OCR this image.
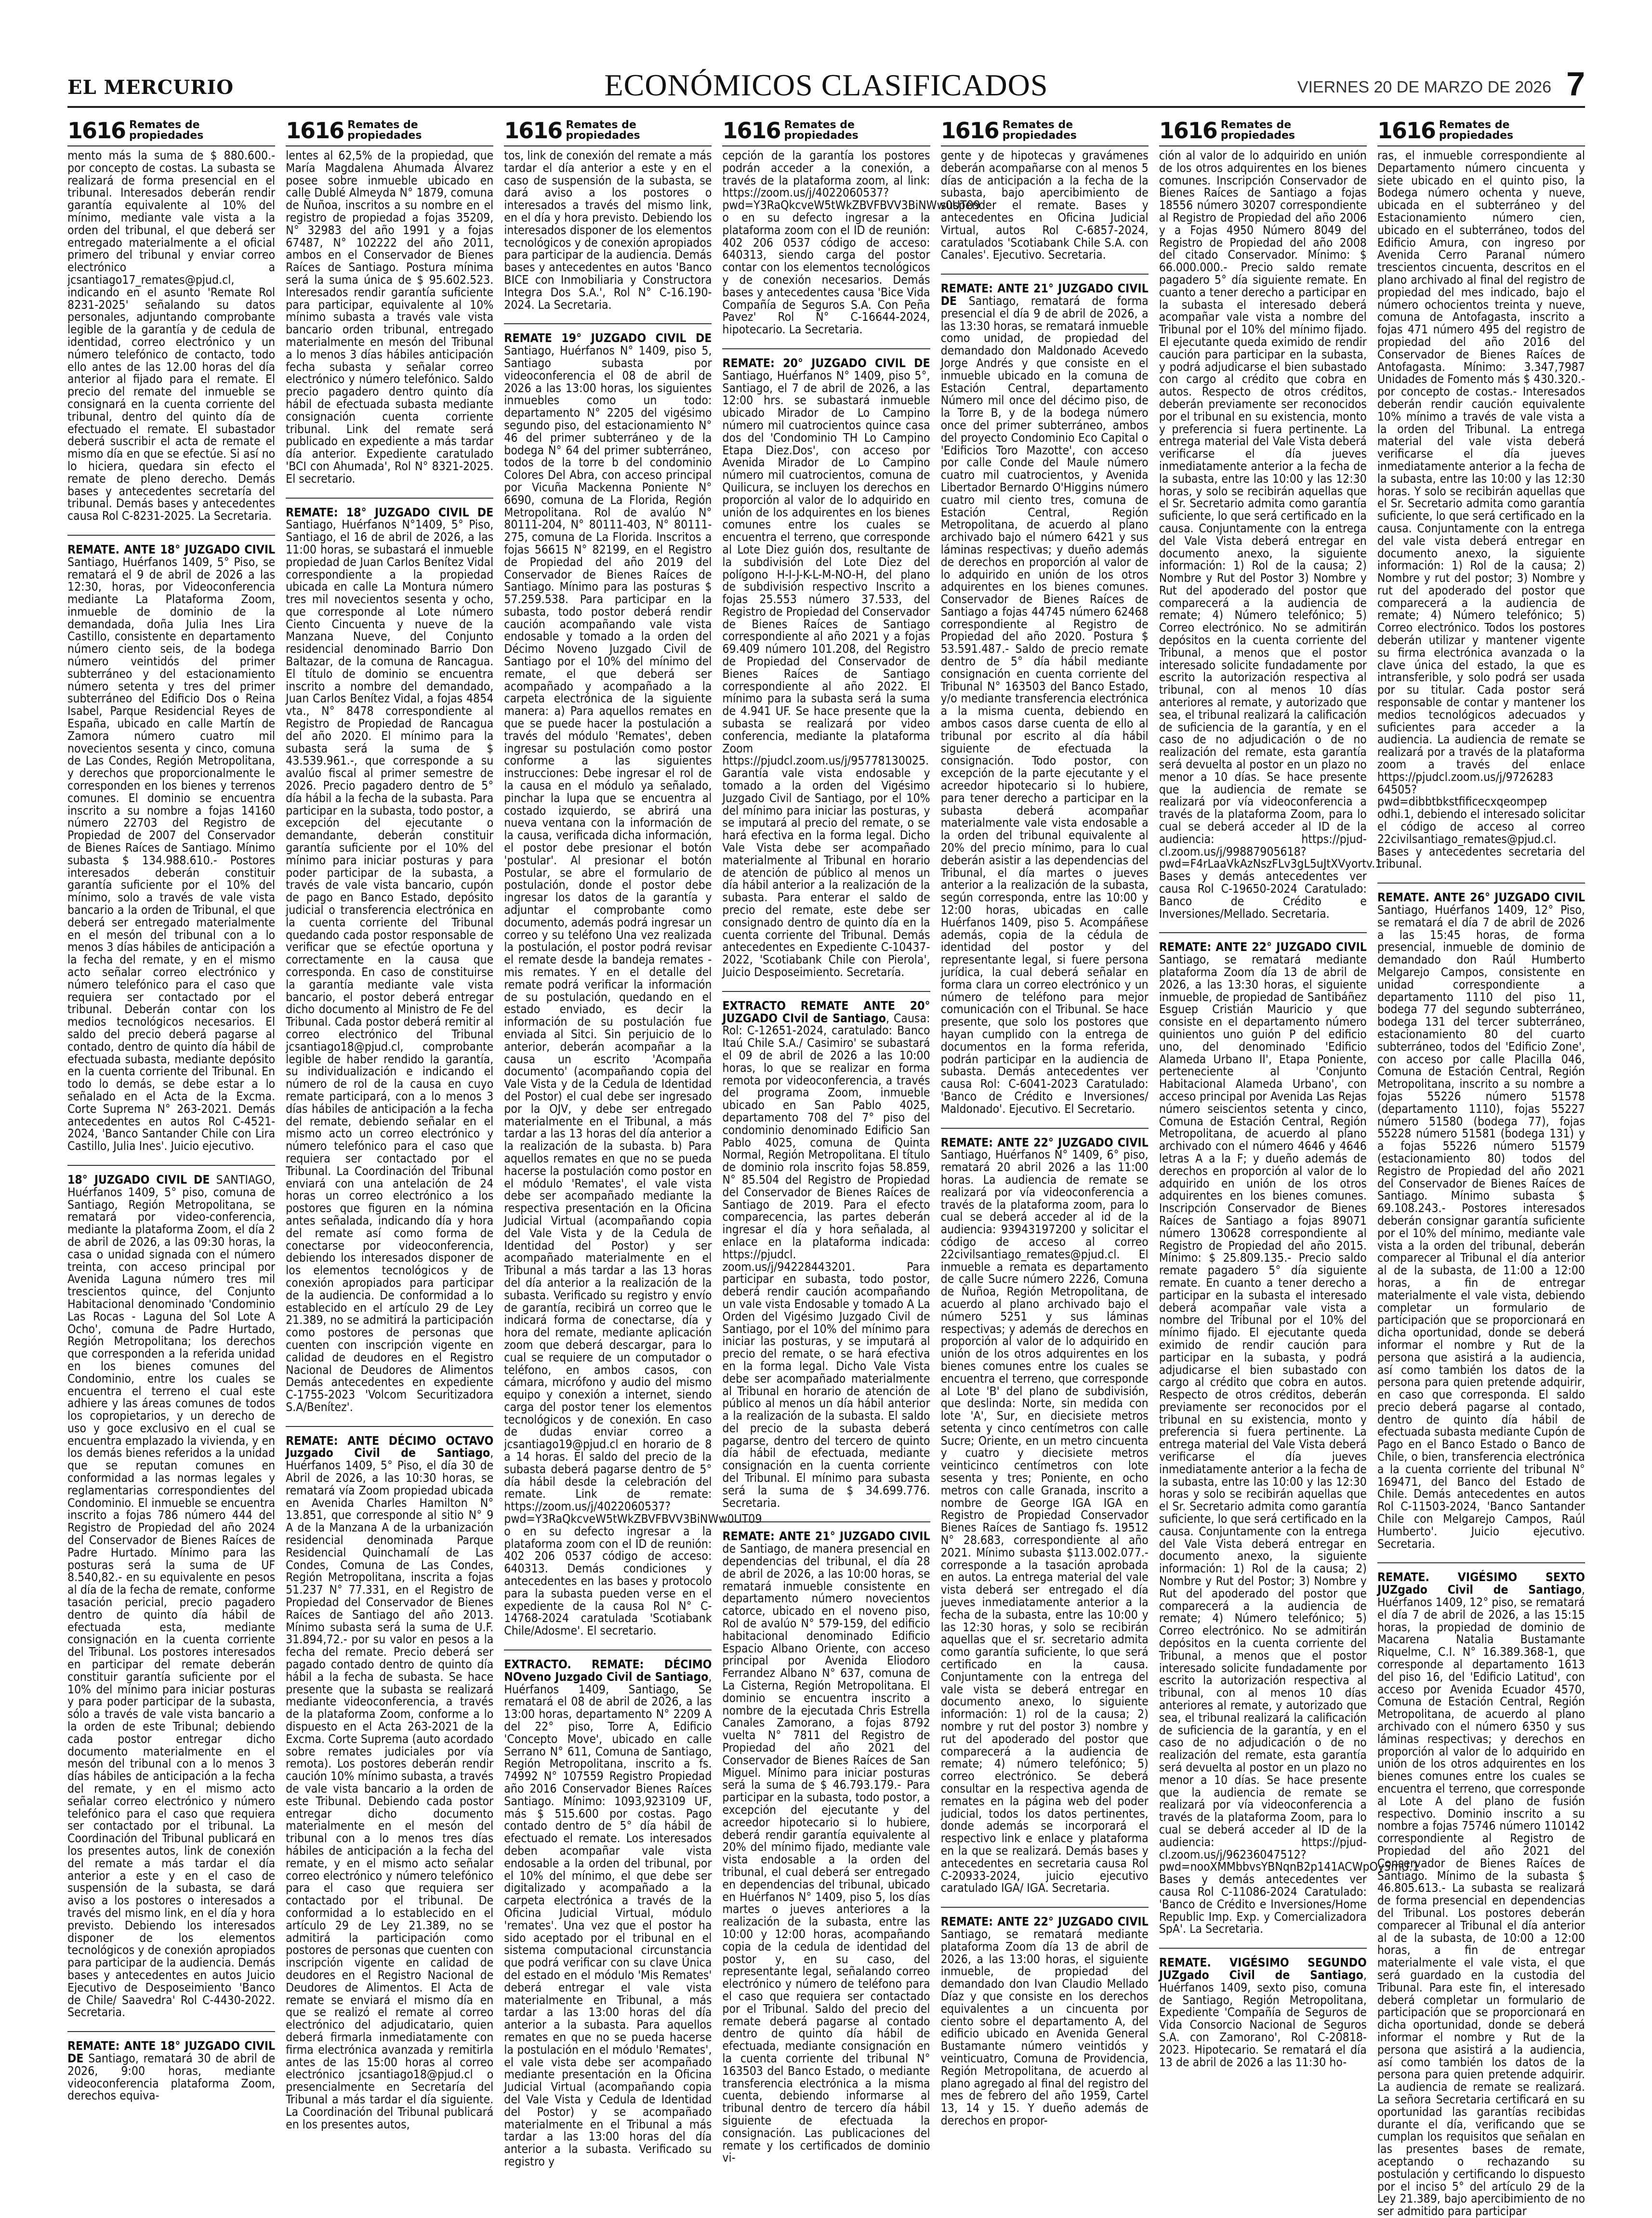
ECONÓMICOS CLASIFICADOS
EL MERCURIO	VIERNES 20 DE MARZO DE 2026 7
1616 Remates de
propiedades

mento más la suma de $ 880.600.- por concepto de costas. La subasta se realizará de forma presencial en el tribunal. Interesados deberán rendir garantía equivalente al 10% del mínimo, mediante vale vista a la orden del tribunal, el que deberá ser entregado materialmente a el oficial primero del tribunal y enviar correo electrónico a jcsantiago17_remates@pjud.cl, indicando en el asunto 'Remate Rol 8231-2025' señalando su datos personales, adjuntando comprobante legible de la garantía y de cedula de identidad, correo electrónico y un número telefónico de contacto, todo ello antes de las 12.00 horas del día anterior al fijado para el remate. El precio del remate del inmueble se consignará en la cuenta corriente del tribunal, dentro del quinto día de efectuado el remate. El subastador deberá suscribir el acta de remate el mismo día en que se efectúe. Si así no lo hiciera, quedara sin efecto el remate de pleno derecho. Demás bases y antecedentes secretaría del tribunal. Demás bases y antecedentes causa Rol C-8231-2025. La Secretaria.

REMATE. ANTE 18° JUZGADO CIVIL Santiago, Huérfanos 1409, 5° Piso, se rematará el 9 de abril de 2026 a las 12:30, horas, por Videoconferencia mediante La Plataforma Zoom, inmueble de dominio de la demandada, doña Julia Ines Lira Castillo, consistente en departamento número ciento seis, de la bodega número veintidós del primer subterráneo y del estacionamiento número setenta y tres del primer subterráneo del Edificio Dos o Reina Isabel, Parque Residencial Reyes de España, ubicado en calle Martín de Zamora número cuatro mil novecientos sesenta y cinco, comuna de Las Condes, Región Metropolitana, y derechos que proporcionalmente le corresponden en los bienes y terrenos comunes. El dominio se encuentra inscrito a su nombre a fojas 14160 número 22703 del Registro de Propiedad de 2007 del Conservador de Bienes Raíces de Santiago. Mínimo subasta $ 134.988.610.- Postores interesados deberán constituir garantía suficiente por el 10% del mínimo, solo a través de vale vista bancario a la orden de Tribunal, el que deberá ser entregado materialmente en el mesón del tribunal con a lo menos 3 días hábiles de anticipación a la fecha del remate, y en el mismo acto señalar correo electrónico y número telefónico para el caso que requiera ser contactado por el tribunal. Deberán contar con los medios tecnológicos necesarios. El saldo del precio deberá pagarse al contado, dentro de quinto día hábil de efectuada subasta, mediante depósito en la cuenta corriente del Tribunal. En todo lo demás, se debe estar a lo señalado en el Acta de la Excma. Corte Suprema N° 263-2021. Demás antecedentes en autos Rol C-4521-2024, 'Banco Santander Chile con Lira Castillo, Julia Ines'. Juicio ejecutivo.

18° JUZGADO CIVIL DE SANTIAGO, Huérfanos 1409, 5° piso, comuna de Santiago, Región Metropolitana, se rematará por video-conferencia, mediante la plataforma Zoom, el día 2 de abril de 2026, a las 09:30 horas, la casa o unidad signada con el número treinta, con acceso principal por Avenida Laguna número tres mil trescientos quince, del Conjunto Habitacional denominado 'Condominio Las Rocas - Laguna del Sol Lote A Ocho', comuna de Padre Hurtado, Región Metropolitana; los derechos que corresponden a la referida unidad en los bienes comunes del Condominio, entre los cuales se encuentra el terreno el cual este adhiere y las áreas comunes de todos los copropietarios, y un derecho de uso y goce exclusivo en el cual se encuentra emplazado la vivienda, y en los demás bienes referidos a la unidad que se reputan comunes en conformidad a las normas legales y reglamentarias correspondientes del Condominio. El inmueble se encuentra inscrito a fojas 786 número 444 del Registro de Propiedad del año 2024 del Conservador de Bienes Raíces de Padre Hurtado. Mínimo para las posturas será la suma de UF 8.540,82.- en su equivalente en pesos al día de la fecha de remate, conforme tasación pericial, precio pagadero dentro de quinto día hábil de efectuada esta, mediante consignación en la cuenta corriente del Tribunal. Los postores interesados en participar del remate deberán constituir garantía suficiente por el 10% del mínimo para iniciar posturas y para poder participar de la subasta, sólo a través de vale vista bancario a la orden de este Tribunal; debiendo cada postor entregar dicho documento materialmente en el mesón del tribunal con a lo menos 3 días hábiles de anticipación a la fecha del remate, y en el mismo acto señalar correo electrónico y número telefónico para el caso que requiera ser contactado por el tribunal. La Coordinación del Tribunal publicará en los presentes autos, link de conexión del remate a más tardar el día anterior a este y en el caso de suspensión de la subasta, se dará aviso a los postores o interesados a través del mismo link, en el día y hora previsto. Debiendo los interesados disponer de los elementos tecnológicos y de conexión apropiados para participar de la audiencia. Demás bases y antecedentes en autos Juicio Ejecutivo de Desposeimiento 'Banco de Chile/ Saavedra' Rol C-4430-2022. Secretaria.

REMATE: ANTE 18° JUZGADO CIVIL DE Santiago, rematará 30 de abril de 2026, 9:00 horas, mediante videoconferencia plataforma Zoom, derechos equiva-

1616 Remates de
propiedades

lentes al 62,5% de la propiedad, que María Magdalena Ahumada Álvarez posee sobre inmueble ubicado en calle Dublé Almeyda N° 1879, comuna de Ñuñoa, inscritos a su nombre en el registro de propiedad a fojas 35209, N° 32983 del año 1991 y a fojas 67487, N° 102222 del año 2011, ambos en el Conservador de Bienes Raíces de Santiago. Postura mínima será la suma única de $ 95.602.523. Interesados rendir garantía suficiente para participar, equivalente al 10% mínimo subasta a través vale vista bancario orden tribunal, entregado materialmente en mesón del Tribunal a lo menos 3 días hábiles anticipación fecha subasta y señalar correo electrónico y número telefónico. Saldo precio pagadero dentro quinto día hábil de efectuada subasta mediante consignación cuenta corriente tribunal. Link del remate será publicado en expediente a más tardar día anterior. Expediente caratulado 'BCI con Ahumada', Rol N° 8321-2025. El secretario.

REMATE: 18° JUZGADO CIVIL DE Santiago, Huérfanos N°1409, 5° Piso, Santiago, el 16 de abril de 2026, a las 11:00 horas, se subastará el inmueble propiedad de Juan Carlos Benítez Vidal correspondiente a la propiedad ubicada en calle La Montura número tres mil novecientos sesenta y ocho, que corresponde al Lote número Ciento Cincuenta y nueve de la Manzana Nueve, del Conjunto residencial denominado Barrio Don Baltazar, de la comuna de Rancagua. El título de dominio se encuentra inscrito a nombre del demandado, Juan Carlos Benítez Vidal, a fojas 4854 vta., N° 8478 correspondiente al Registro de Propiedad de Rancagua del año 2020. El mínimo para la subasta será la suma de $ 43.539.961.-, que corresponde a su avalúo fiscal al primer semestre de 2026. Precio pagadero dentro de 5° día hábil a la fecha de la subasta. Para participar en la subasta, todo postor, a excepción del ejecutante o demandante, deberán constituir garantía suficiente por el 10% del mínimo para iniciar posturas y para poder participar de la subasta, a través de vale vista bancario, cupón de pago en Banco Estado, depósito judicial o transferencia electrónica en la cuenta corriente del Tribunal quedando cada postor responsable de verificar que se efectúe oportuna y correctamente en la causa que corresponda. En caso de constituirse la garantía mediante vale vista bancario, el postor deberá entregar dicho documento al Ministro de Fe del Tribunal. Cada postor deberá remitir al correo electrónico del Tribunal jcsantiago18@pjud.cl, comprobante legible de haber rendido la garantía, su individualización e indicando el número de rol de la causa en cuyo remate participará, con a lo menos 3 días hábiles de anticipación a la fecha del remate, debiendo señalar en el mismo acto un correo electrónico y número telefónico para el caso que requiera ser contactado por el Tribunal. La Coordinación del Tribunal enviará con una antelación de 24 horas un correo electrónico a los postores que figuren en la nómina antes señalada, indicando día y hora del remate así como forma de conectarse por videoconferencia, debiendo los interesados disponer de los elementos tecnológicos y de conexión apropiados para participar de la audiencia. De conformidad a lo establecido en el artículo 29 de Ley 21.389, no se admitirá la participación como postores de personas que cuenten con inscripción vigente en calidad de deudores en el Registro Nacional de Deudores de Alimentos Demás antecedentes en expediente C-1755-2023 'Volcom Securitizadora S.A/Benítez'.

REMATE: ANTE DÉCIMO OCTAVO Juzgado Civil de Santiago, Huérfanos 1409, 5° Piso, el día 30 de Abril de 2026, a las 10:30 horas, se rematará vía Zoom propiedad ubicada en Avenida Charles Hamilton N° 13.851, que corresponde al sitio N° 9 A de la Manzana A de la urbanización residencial denominada Parque Residencial Quinchamalí de Las Condes, Comuna de Las Condes, Región Metropolitana, inscrita a fojas 51.237 N° 77.331, en el Registro de Propiedad del Conservador de Bienes Raíces de Santiago del año 2013. Mínimo subasta será la suma de U.F. 31.894,72.- por su valor en pesos a la fecha del remate. Precio deberá ser pagado contado dentro de quinto día hábil a la fecha de subasta. Se hace presente que la subasta se realizará mediante videoconferencia, a través de la plataforma Zoom, conforme a lo dispuesto en el Acta 263-2021 de la Excma. Corte Suprema (auto acordado sobre remates judiciales por vía remota). Los postores deberán rendir caución 10% mínimo subasta, a través de vale vista bancario a la orden de este Tribunal. Debiendo cada postor entregar dicho documento materialmente en el mesón del tribunal con a lo menos tres días hábiles de anticipación a la fecha del remate, y en el mismo acto señalar correo electrónico y número telefónico para el caso que requiera ser contactado por el tribunal. De conformidad a lo establecido en el artículo 29 de Ley 21.389, no se admitirá la participación como postores de personas que cuenten con inscripción vigente en calidad de deudores en el Registro Nacional de Deudores de Alimentos. El Acta de remate se enviará el mismo día en que se realizó el remate al correo electrónico del adjudicatario, quien deberá firmarla inmediatamente con firma electrónica avanzada y remitirla antes de las 15:00 horas al correo electrónico jcsantiago18@pjud.cl o presencialmente en Secretaría del Tribunal a más tardar el día siguiente. La Coordinación del Tribunal publicará en los presentes autos,

1616 Remates de
propiedades

tos, link de conexión del remate a más tardar el día anterior a este y en el caso de suspensión de la subasta, se dará aviso a los postores o interesados a través del mismo link, en el día y hora previsto. Debiendo los interesados disponer de los elementos tecnológicos y de conexión apropiados para participar de la audiencia. Demás bases y antecedentes en autos 'Banco BICE con Inmobiliaria y Constructora Integra Dos S.A.', Rol N° C-16.190-2024. La Secretaria.

REMATE 19° JUZGADO CIVIL DE Santiago, Huérfanos N° 1409, piso 5, Santiago subasta por videoconferencia el 08 de abril de 2026 a las 13:00 horas, los siguientes inmuebles como un todo: departamento N° 2205 del vigésimo segundo piso, del estacionamiento N° 46 del primer subterráneo y de la bodega N° 64 del primer subterráneo, todos de la torre b del condominio Colores Del Abra, con acceso principal por Vicuña Mackenna Poniente N° 6690, comuna de La Florida, Región Metropolitana. Rol de avalúo N° 80111-204, N° 80111-403, N° 80111-275, comuna de La Florida. Inscritos a fojas 56615 N° 82199, en el Registro de Propiedad del año 2019 del Conservador de Bienes Raíces de Santiago. Mínimo para las posturas $ 57.259.538. Para participar en la subasta, todo postor deberá rendir caución acompañando vale vista endosable y tomado a la orden del Décimo Noveno Juzgado Civil de Santiago por el 10% del mínimo del remate, el que deberá ser acompañado y acompañado a la carpeta electrónica de la siguiente manera: a) Para aquellos remates en que se puede hacer la postulación a través del módulo 'Remates', deben ingresar su postulación como postor conforme a las siguientes instrucciones: Debe ingresar el rol de la causa en el módulo ya señalado, pinchar la lupa que se encuentra al costado izquierdo, se abrirá una nueva ventana con la información de la causa, verificada dicha información, el postor debe presionar el botón 'postular'. Al presionar el botón Postular, se abre el formulario de postulación, donde el postor debe ingresar los datos de la garantía y adjuntar el comprobante como documento, además podrá ingresar un correo y su teléfono Una vez realizada la postulación, el postor podrá revisar el remate desde la bandeja remates - mis remates. Y en el detalle del remate podrá verificar la información de su postulación, quedando en el estado enviado, es decir la información de su postulación fue enviada al Sitci. Sin perjuicio de lo anterior, deberán acompañar a la causa un escrito 'Acompaña documento' (acompañando copia del Vale Vista y de la Cedula de Identidad del Postor) el cual debe ser ingresado por la OJV, y debe ser entregado materialmente en el Tribunal, a más tardar a las 13 horas del día anterior a la realización de la subasta. b) Para aquellos remates en que no se pueda hacerse la postulación como postor en el módulo 'Remates', el vale vista debe ser acompañado mediante la respectiva presentación en la Oficina Judicial Virtual (acompañando copia del Vale Vista y de la Cedula de Identidad del Postor) y ser acompañado materialmente en el Tribunal a más tardar a las 13 horas del día anterior a la realización de la subasta. Verificado su registro y envío de garantía, recibirá un correo que le indicará forma de conectarse, día y hora del remate, mediante aplicación zoom que deberá descargar, para lo cual se requiere de un computador o teléfono, en ambos casos, con cámara, micrófono y audio del mismo equipo y conexión a internet, siendo carga del postor tener los elementos tecnológicos y de conexión. En caso de dudas enviar correo a jcsantiago19@pjud.cl en horario de 8 a 14 horas. El saldo del precio de la subasta deberá pagarse dentro de 5° día hábil desde la celebración del remate. Link de remate: https://zoom.us/j/4022060537?pwd=Y3RaQkcveW5tWkZBVFBVV3BiNWw0UT09 o en su defecto ingresar a la plataforma zoom con el ID de reunión: 402 206 0537 código de acceso: 640313. Demás condiciones y antecedentes en las bases y protocolo para la subasta pueden verse en el expediente de la causa Rol N° C-14768-2024 caratulada 'Scotiabank Chile/Adosme'. El secretario.

EXTRACTO. REMATE: DÉCIMO NOveno Juzgado Civil de Santiago, Huérfanos 1409, Santiago, Se rematará el 08 de abril de 2026, a las 13:00 horas, departamento N° 2209 A del 22° piso, Torre A, Edificio 'Concepto Move', ubicado en calle Serrano N° 611, Comuna de Santiago, Región Metropolitana, inscrito a fs. 74992 N° 107559 Registro Propiedad año 2016 Conservador Bienes Raíces Santiago. Mínimo: 1093,923109 UF, más $ 515.600 por costas. Pago contado dentro de 5° día hábil de efectuado el remate. Los interesados deben acompañar vale vista endosable a la orden del tribunal, por el 10% del mínimo, el que debe ser digitalizado y acompañado a la carpeta electrónica a través de la Oficina Judicial Virtual, módulo 'remates'. Una vez que el postor ha sido aceptado por el tribunal en el sistema computacional circunstancia que podrá verificar con su clave Única del estado en el módulo 'Mis Remates' deberá entregar el vale vista materialmente en Tribunal, a más tardar a las 13:00 horas del día anterior a la subasta. Para aquellos remates en que no se pueda hacerse la postulación en el módulo 'Remates', el vale vista debe ser acompañado mediante presentación en la Oficina Judicial Virtual (acompañando copia del Vale Vista y Cedula de Identidad del Postor) y se acompañado materialmente en el Tribunal a más tardar a las 13:00 horas del día anterior a la subasta. Verificado su registro y

1616 Remates de
propiedades

cepción de la garantía los postores podrán acceder a la conexión, a través de la plataforma zoom, al link: https://zoom.us/j/4022060537? pwd=Y3RaQkcveW5tWkZBVFBVV3BiNWw0UT09 o en su defecto ingresar a la plataforma zoom con el ID de reunión: 402 206 0537 código de acceso: 640313, siendo carga del postor contar con los elementos tecnológicos y de conexión necesarios. Demás bases y antecedentes causa 'Bice Vida Compañía de Seguros S.A. Con Peña Pavez' Rol N° C-16644-2024, hipotecario. La Secretaria.

REMATE: 20° JUZGADO CIVIL DE Santiago, Huérfanos N° 1409, piso 5°, Santiago, el 7 de abril de 2026, a las 12:00 hrs. se subastará inmueble ubicado Mirador de Lo Campino número mil cuatrocientos quince casa dos del 'Condominio TH Lo Campino Etapa Diez.Dos', con acceso por Avenida Mirador de Lo Campino número mil cuatrocientos, comuna de Quilicura, se incluyen los derechos en proporción al valor de lo adquirido en unión de los adquirentes en los bienes comunes entre los cuales se encuentra el terreno, que corresponde al Lote Diez guión dos, resultante de la subdivisión del Lote Diez del polígono H-I-J-K-L-M-NO-H, del plano de subdivisión respectivo Inscrito a fojas 25.553 número 37.533, del Registro de Propiedad del Conservador de Bienes Raíces de Santiago correspondiente al año 2021 y a fojas 69.409 número 101.208, del Registro de Propiedad del Conservador de Bienes Raíces de Santiago correspondiente al año 2022. El mínimo para la subasta será la suma de 4.941 UF. Se hace presente que la subasta se realizará por video conferencia, mediante la plataforma Zoom https://pjudcl.zoom.us/j/95778130025. Garantía vale vista endosable y tomado a la orden del Vigésimo Juzgado Civil de Santiago, por el 10% del mínimo para iniciar las posturas, y se imputará al precio del remate, o se hará efectiva en la forma legal. Dicho Vale Vista debe ser acompañado materialmente al Tribunal en horario de atención de público al menos un día hábil anterior a la realización de la subasta. Para enterar el saldo de precio del remate, este debe ser consignado dentro de quinto día en la cuenta corriente del Tribunal. Demás antecedentes en Expediente C-10437-2022, 'Scotiabank Chile con Pierola', Juicio Desposeimiento. Secretaría.

EXTRACTO REMATE ANTE 20° JUZGADO CIvil de Santiago, Causa: Rol: C-12651-2024, caratulado: Banco Itaú Chile S.A./ Casimiro' se subastará el 09 de abril de 2026 a las 10:00 horas, lo que se realizar en forma remota por videoconferencia, a través del programa Zoom, inmueble ubicado en San Pablo 4025, departamento 708 del 7° piso del condominio denominado Edificio San Pablo 4025, comuna de Quinta Normal, Región Metropolitana. El título de dominio rola inscrito fojas 58.859, N° 85.504 del Registro de Propiedad del Conservador de Bienes Raíces de Santiago de 2019. Para el efecto comparecencia, las partes deberán ingresar el día y hora señalada, al enlace en la plataforma indicada: https://pjudcl. zoom.us/j/94228443201. Para participar en subasta, todo postor, deberá rendir caución acompañando un vale vista Endosable y tomado A La Orden del Vigésimo Juzgado Civil de Santiago, por el 10% del mínimo para iniciar las posturas, y se imputará al precio del remate, o se hará efectiva en la forma legal. Dicho Vale Vista debe ser acompañado materialmente al Tribunal en horario de atención de público al menos un día hábil anterior a la realización de la subasta. El saldo del precio de la subasta deberá pagarse, dentro del tercero de quinto día hábil de efectuada, mediante consignación en la cuenta corriente del Tribunal. El mínimo para subasta será la suma de $ 34.699.776. Secretaria.

REMATE: ANTE 21° JUZGADO CIVIL de Santiago, de manera presencial en dependencias del tribunal, el día 28 de abril de 2026, a las 10:00 horas, se rematará inmueble consistente en departamento número novecientos catorce, ubicado en el noveno piso, Rol de avalúo N° 579-159, del edificio habitacional denominado Edificio Espacio Albano Oriente, con acceso principal por Avenida Eliodoro Ferrandez Albano N° 637, comuna de La Cisterna, Región Metropolitana. El dominio se encuentra inscrito a nombre de la ejecutada Chris Estrella Canales Zamorano, a fojas 8792 vuelta N° 7811 del Registro de Propiedad del año 2021 del Conservador de Bienes Raíces de San Miguel. Mínimo para iniciar posturas será la suma de $ 46.793.179.- Para participar en la subasta, todo postor, a excepción del ejecutante y del acreedor hipotecario si lo hubiere, deberá rendir garantía equivalente al 20% del mínimo fijado, mediante vale vista endosable a la orden del tribunal, el cual deberá ser entregado en dependencias del tribunal, ubicado en Huérfanos N° 1409, piso 5, los días martes o jueves anteriores a la realización de la subasta, entre las 10:00 y 12:00 horas, acompañando copia de la cedula de identidad del postor y, en su caso, del representante legal, señalando correo electrónico y número de teléfono para el caso que requiera ser contactado por el Tribunal. Saldo del precio del remate deberá pagarse al contado dentro de quinto día hábil de efectuada, mediante consignación en la cuenta corriente del tribunal N° 163503 del Banco Estado, o mediante transferencia electrónica a la misma cuenta, debiendo informarse al tribunal dentro de tercero día hábil siguiente de efectuada la consignación. Las publicaciones del remate y los certificados de dominio vi-

1616 Remates de
propiedades

gente y de hipotecas y gravámenes deberán acompañarse con al menos 5 días de anticipación a la fecha de la subasta, bajo apercibimiento de suspender el remate. Bases y antecedentes en Oficina Judicial Virtual, autos Rol C-6857-2024, caratulados 'Scotiabank Chile S.A. con Canales'. Ejecutivo. Secretaria.

REMATE: ANTE 21° JUZGADO CIVIL DE Santiago, rematará de forma presencial el día 9 de abril de 2026, a las 13:30 horas, se rematará inmueble como unidad, de propiedad del demandado don Maldonado Acevedo Jorge Andrés y que consiste en el inmueble ubicado en la comuna de Estación Central, departamento Número mil once del décimo piso, de la Torre B, y de la bodega número once del primer subterráneo, ambos del proyecto Condominio Eco Capital o 'Edificios Toro Mazotte', con acceso por calle Conde del Maule número cuatro mil cuatrocientos, y Avenida Libertador Bernardo O'Higgins número cuatro mil ciento tres, comuna de Estación Central, Región Metropolitana, de acuerdo al plano archivado bajo el número 6421 y sus láminas respectivas; y dueño además de derechos en proporción al valor de lo adquirido en unión de los otros adquirentes en los bienes comunes. Conservador de Bienes Raíces de Santiago a fojas 44745 número 62468 correspondiente al Registro de Propiedad del año 2020. Postura $ 53.591.487.- Saldo de precio remate dentro de 5° día hábil mediante consignación en cuenta corriente del Tribunal N° 163503 del Banco Estado, y/o mediante transferencia electrónica a la misma cuenta, debiendo en ambos casos darse cuenta de ello al tribunal por escrito al día hábil siguiente de efectuada la consignación. Todo postor, con excepción de la parte ejecutante y el acreedor hipotecario si lo hubiere, para tener derecho a participar en la subasta deberá acompañar materialmente vale vista endosable a la orden del tribunal equivalente al 20% del precio mínimo, para lo cual deberán asistir a las dependencias del Tribunal, el día martes o jueves anterior a la realización de la subasta, según corresponda, entre las 10:00 y 12:00 horas, ubicadas en calle Huérfanos 1409, piso 5. Acompáñese además, copia de la cédula de identidad del postor y del representante legal, si fuere persona jurídica, la cual deberá señalar en forma clara un correo electrónico y un número de teléfono para mejor comunicación con el Tribunal. Se hace presente, que solo los postores que hayan cumplido con la entrega de documentos en la forma referida, podrán participar en la audiencia de subasta. Demás antecedentes ver causa Rol: C-6041-2023 Caratulado: 'Banco de Crédito e Inversiones/ Maldonado'. Ejecutivo. El Secretario.

REMATE: ANTE 22° JUZGADO CIVIL Santiago, Huérfanos N° 1409, 6° piso, rematará 20 abril 2026 a las 11:00 horas. La audiencia de remate se realizará por vía videoconferencia a través de la plataforma zoom, para lo cual se deberá acceder al id de la audiencia: 93943197200 y solicitar el código de acceso al correo 22civilsantiago_remates@pjud.cl. El inmueble a remata es departamento de calle Sucre número 2226, Comuna de Ñuñoa, Región Metropolitana, de acuerdo al plano archivado bajo el número 5251 y sus láminas respectivas; y además de derechos en proporción al valor de lo adquirido en unión de los otros adquirentes en los bienes comunes entre los cuales se encuentra el terreno, que corresponde al Lote 'B' del plano de subdivisión, que deslinda: Norte, sin medida con lote 'A', Sur, en diecisiete metros setenta y cinco centímetros con calle Sucre; Oriente, en un metro cincuenta y cuatro y diecisiete metros veinticinco centímetros con lote sesenta y tres; Poniente, en ocho metros con calle Granada, inscrito a nombre de George IGA IGA en Registro de Propiedad Conservador Bienes Raíces de Santiago fs. 19512 N° 28.683, correspondiente al año 2021. Mínimo subasta $113.002.077.- corresponde a la tasación aprobada en autos. La entrega material del vale vista deberá ser entregado el día jueves inmediatamente anterior a la fecha de la subasta, entre las 10:00 y las 12:30 horas, y solo se recibirán aquellas que el sr. secretario admita como garantía suficiente, lo que será certificado en la causa. Conjuntamente con la entrega del vale vista se deberá entregar en documento anexo, lo siguiente información: 1) rol de la causa; 2) nombre y rut del postor 3) nombre y rut del apoderado del postor que comparecerá a la audiencia de remate; 4) número telefónico; 5) correo electrónico. Se deberá consultar en la respectiva agenda de remates en la página web del poder judicial, todos los datos pertinentes, donde además se incorporará el respectivo link e enlace y plataforma en la que se realizará. Demás bases y antecedentes en secretaria causa Rol C-20933-2024, juicio ejecutivo caratulado IGA/ IGA. Secretaria.

REMATE: ANTE 22° JUZGADO CIVIL Santiago, se rematará mediante plataforma Zoom día 13 de abril de 2026, a las 13:00 horas, el siguiente inmueble, de propiedad del demandado don Ivan Claudio Mellado Díaz y que consiste en los derechos equivalentes a un cincuenta por ciento sobre el departamento A, del edificio ubicado en Avenida General Bustamante número veintidós y veinticuatro, Comuna de Providencia, Región Metropolitana, de acuerdo al plano agregado al final del registro del mes de febrero del año 1959, Cartel 13, 14 y 15. Y dueño además de derechos en propor-

1616 Remates de
propiedades

ción al valor de lo adquirido en unión de los otros adquirentes en los bienes comunes. Inscripción Conservador de Bienes Raíces de Santiago a fojas 18556 número 30207 correspondiente al Registro de Propiedad del año 2006 y a Fojas 4950 Número 8049 del Registro de Propiedad del año 2008 del citado Conservador. Mínimo: $ 66.000.000.- Precio saldo remate pagadero 5° día siguiente remate. En cuanto a tener derecho a participar en la subasta el interesado deberá acompañar vale vista a nombre del Tribunal por el 10% del mínimo fijado. El ejecutante queda eximido de rendir caución para participar en la subasta, y podrá adjudicarse el bien subastado con cargo al crédito que cobra en autos. Respecto de otros créditos, deberán previamente ser reconocidos por el tribunal en su existencia, monto y preferencia si fuera pertinente. La entrega material del Vale Vista deberá verificarse el día jueves inmediatamente anterior a la fecha de la subasta, entre las 10:00 y las 12:30 horas, y solo se recibirán aquellas que el Sr. Secretario admita como garantía suficiente, lo que será certificado en la causa. Conjuntamente con la entrega del Vale Vista deberá entregar en documento anexo, la siguiente información: 1) Rol de la causa; 2) Nombre y Rut del Postor 3) Nombre y Rut del apoderado del postor que comparecerá a la audiencia de remate; 4) Número telefónico; 5) Correo electrónico. No se admitirán depósitos en la cuenta corriente del Tribunal, a menos que el postor interesado solicite fundadamente por escrito la autorización respectiva al tribunal, con al menos 10 días anteriores al remate, y autorizado que sea, el tribunal realizará la calificación de suficiencia de la garantía, y en el caso de no adjudicación o de no realización del remate, esta garantía será devuelta al postor en un plazo no menor a 10 días. Se hace presente que la audiencia de remate se realizará por vía videoconferencia a través de la plataforma Zoom, para lo cual se deberá acceder al ID de la audiencia: https://pjud-cl.zoom.us/j/99887905618?pwd=F4rLaaVkAzNszFLv3gL5uJtXVyortv.1. Bases y demás antecedentes ver causa Rol C-19650-2024 Caratulado: Banco de Crédito e Inversiones/Mellado. Secretaria.

REMATE: ANTE 22° JUZGADO CIVIL Santiago, se rematará mediante plataforma Zoom día 13 de abril de 2026, a las 13:30 horas, el siguiente inmueble, de propiedad de Santibáñez Esguep Cristián Mauricio y que consiste en el departamento número quinientos uno guión P del edificio uno, del denominado 'Edificio Alameda Urbano II', Etapa Poniente, perteneciente al 'Conjunto Habitacional Alameda Urbano', con acceso principal por Avenida Las Rejas número seiscientos setenta y cinco, Comuna de Estación Central, Región Metropolitana, de acuerdo al plano archivado con el número 4646 y 4646 letras A a la F; y dueño además de derechos en proporción al valor de lo adquirido en unión de los otros adquirentes en los bienes comunes. Inscripción Conservador de Bienes Raíces de Santiago a fojas 89071 número 130628 correspondiente al Registro de Propiedad del año 2015. Mínimo: $ 25.809.135.- Precio saldo remate pagadero 5° día siguiente remate. En cuanto a tener derecho a participar en la subasta el interesado deberá acompañar vale vista a nombre del Tribunal por el 10% del mínimo fijado. El ejecutante queda eximido de rendir caución para participar en la subasta, y podrá adjudicarse el bien subastado con cargo al crédito que cobra en autos. Respecto de otros créditos, deberán previamente ser reconocidos por el tribunal en su existencia, monto y preferencia si fuera pertinente. La entrega material del Vale Vista deberá verificarse el día jueves inmediatamente anterior a la fecha de la subasta, entre las 10:00 y las 12:30 horas y solo se recibirán aquellas que el Sr. Secretario admita como garantía suficiente, lo que será certificado en la causa. Conjuntamente con la entrega del Vale Vista deberá entregar en documento anexo, la siguiente información: 1) Rol de la causa; 2) Nombre y Rut del Postor; 3) Nombre y Rut del apoderado del postor que comparecerá a la audiencia de remate; 4) Número telefónico; 5) Correo electrónico. No se admitirán depósitos en la cuenta corriente del Tribunal, a menos que el postor interesado solicite fundadamente por escrito la autorización respectiva al tribunal, con al menos 10 días anteriores al remate, y autorizado que sea, el tribunal realizará la calificación de suficiencia de la garantía, y en el caso de no adjudicación o de no realización del remate, esta garantía será devuelta al postor en un plazo no menor a 10 días. Se hace presente que la audiencia de remate se realizará por vía videoconferencia a través de la plataforma Zoom, para lo cual se deberá acceder al ID de la audiencia: https://pjud-cl.zoom.us/j/96236047512?pwd=nooXMMbbvsYBNqnB2p141ACWpOy5mU.1 Bases y demás antecedentes ver causa Rol C-11086-2024 Caratulado: 'Banco de Crédito e Inversiones/Home Republic Imp. Exp. y Comercializadora SpA'. La Secretaria.

REMATE. VIGÉSIMO SEGUNDO JUZgado Civil de Santiago, Huérfanos 1409, sexto piso, comuna de Santiago, Región Metropolitana, Expediente 'Compañía de Seguros de Vida Consorcio Nacional de Seguros S.A. con Zamorano', Rol C-20818-2023. Hipotecario. Se rematará el día 13 de abril de 2026 a las 11:30 ho-

1616 Remates de
propiedades

ras, el inmueble correspondiente al Departamento número cincuenta y siete ubicado en el quinto piso, la Bodega número ochenta y nueve, ubicada en el subterráneo y del Estacionamiento número cien, ubicado en el subterráneo, todos del Edificio Amura, con ingreso por Avenida Cerro Paranal número trescientos cincuenta, descritos en el plano archivado al final del registro de propiedad del mes indicado, bajo el número ochocientos treinta y nueve, comuna de Antofagasta, inscrito a fojas 471 número 495 del registro de propiedad del año 2016 del Conservador de Bienes Raíces de Antofagasta. Mínimo: 3.347,7987 Unidades de Fomento más $ 430.320.- por concepto de costas.- Interesados deberán rendir caución equivalente 10% mínimo a través de vale vista a la orden del Tribunal. La entrega material del vale vista deberá verificarse el día jueves inmediatamente anterior a la fecha de la subasta, entre las 10:00 y las 12:30 horas. Y solo se recibirán aquellas que el Sr. Secretario admita como garantía suficiente, lo que será certificado en la causa. Conjuntamente con la entrega del vale vista deberá entregar en documento anexo, la siguiente información: 1) Rol de la causa; 2) Nombre y rut del postor; 3) Nombre y rut del apoderado del postor que comparecerá a la audiencia de remate; 4) Número telefónico; 5) Correo electrónico. Todos los postores deberán utilizar y mantener vigente su firma electrónica avanzada o la clave única del estado, la que es intransferible, y solo podrá ser usada por su titular. Cada postor será responsable de contar y mantener los medios tecnológicos adecuados y suficientes para acceder a la audiencia. La audiencia de remate se realizará por a través de la plataforma zoom a través del enlace https://pjudcl.zoom.us/j/9726283 64505? pwd=dibbtbkstfificecxqeompep odhi.1, debiendo el interesado solicitar el código de acceso al correo 22civilsantiago_remates@pjud.cl. Bases y antecedentes secretaria del tribunal.

REMATE. ANTE 26° JUZGADO CIVIL Santiago, Huérfanos 1409, 12° Piso, se rematará el día 7 de abril de 2026 a las 15:45 horas, de forma presencial, inmueble de dominio de demandado don Raúl Humberto Melgarejo Campos, consistente en unidad correspondiente a departamento 1110 del piso 11, bodega 77 del segundo subterráneo, bodega 131 del tercer subterráneo, estacionamiento 80 del cuarto subterráneo, todos del 'Edificio Zone', con acceso por calle Placilla 046, Comuna de Estación Central, Región Metropolitana, inscrito a su nombre a fojas 55226 número 51578 (departamento 1110), fojas 55227 número 51580 (bodega 77), fojas 55228 número 51581 (bodega 131) y a fojas 55226 número 51579 (estacionamiento 80) todos del Registro de Propiedad del año 2021 del Conservador de Bienes Raíces de Santiago. Mínimo subasta $ 69.108.243.- Postores interesados deberán consignar garantía suficiente por el 10% del mínimo, mediante vale vista a la orden del tribunal, deberán comparecer al Tribunal el día anterior al de la subasta, de 11:00 a 12:00 horas, a fin de entregar materialmente el vale vista, debiendo completar un formulario de participación que se proporcionará en dicha oportunidad, donde se deberá informar el nombre y Rut de la persona que asistirá a la audiencia, así como también los datos de la persona para quien pretende adquirir, en caso que corresponda. El saldo precio deberá pagarse al contado, dentro de quinto día hábil de efectuada subasta mediante Cupón de Pago en el Banco Estado o Banco de Chile, o bien, transferencia electrónica a la cuenta corriente del tribunal N° 169471, del Banco del Estado de Chile. Demás antecedentes en autos Rol C-11503-2024, 'Banco Santander Chile con Melgarejo Campos, Raúl Humberto'. Juicio ejecutivo. Secretaria.

REMATE. VIGÉSIMO SEXTO JUZgado Civil de Santiago, Huérfanos 1409, 12° piso, se rematará el día 7 de abril de 2026, a las 15:15 horas, la propiedad de dominio de Macarena Natalia Bustamante Riquelme, C.I. N° 16.389.368-1, que corresponde al departamento 1613 del piso 16, del 'Edificio Latitud', con acceso por Avenida Ecuador 4570, Comuna de Estación Central, Región Metropolitana, de acuerdo al plano archivado con el número 6350 y sus láminas respectivas; y derechos en proporción al valor de lo adquirido en unión de los otros adquirentes en los bienes comunes entre los cuales se encuentra el terreno, que corresponde al Lote A del plano de fusión respectivo. Dominio inscrito a su nombre a fojas 75746 número 110142 correspondiente al Registro de Propiedad del año 2021 del Conservador de Bienes Raíces de Santiago. Mínimo de la subasta $ 46.805.613.- La subasta se realizará de forma presencial en dependencias del Tribunal. Los postores deberán comparecer al Tribunal el día anterior al de la subasta, de 10:00 a 12:00 horas, a fin de entregar materialmente el vale vista, el que será guardado en la custodia del Tribunal. Para este fin, el interesado deberá completar un formulario de participación que se proporcionará en dicha oportunidad, donde se deberá informar el nombre y Rut de la persona que asistirá a la audiencia, así como también los datos de la persona para quien pretende adquirir. La audiencia de remate se realizará. La señora Secretaria certificará en su oportunidad las garantías recibidas durante el día, verificando que se cumplan los requisitos que señalan en las presentes bases de remate, aceptando o rechazando su postulación y certificando lo dispuesto por el inciso 5° del artículo 29 de la Ley 21.389, bajo apercibimiento de no ser admitido para participar
